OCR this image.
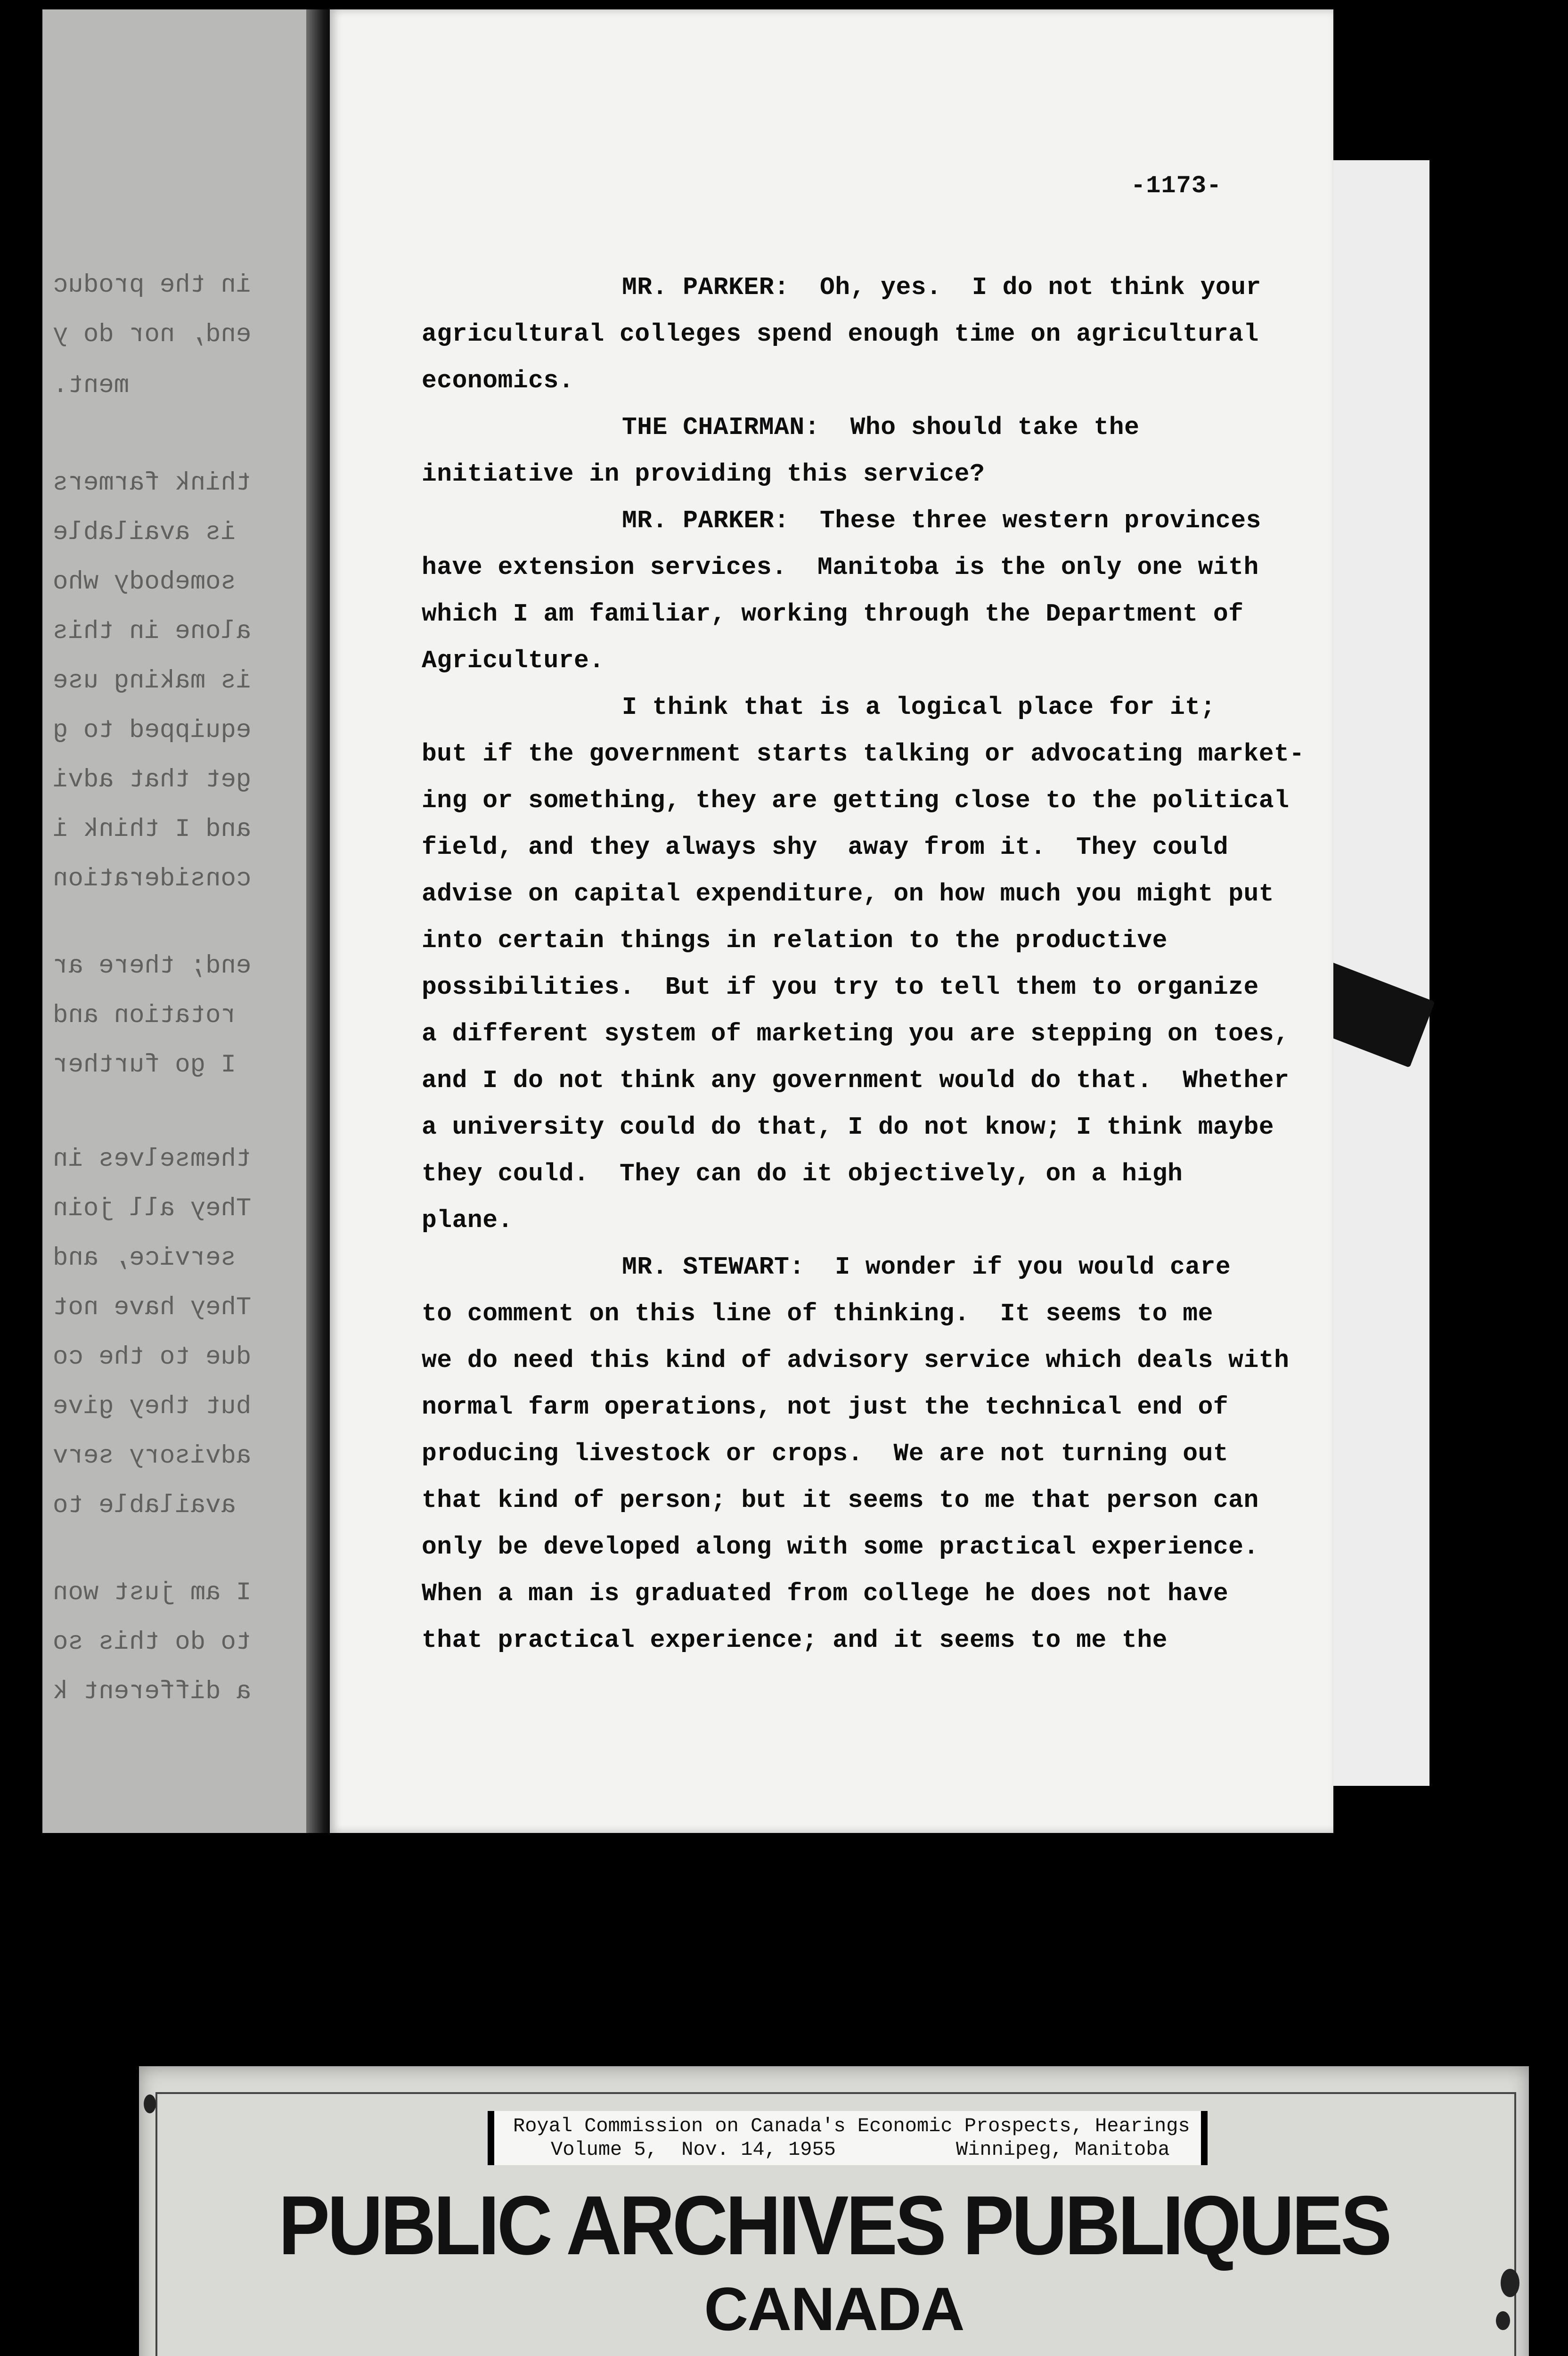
in the produc
end, nor do y
ment.
think farmers
is available
somebody who
alone in this
is making use
equipped to g
get that advi
and I think i
consideration
end; there ar
rotation and
I go further
themselves in
They all join
service, and
They have not
due to the co
but they give
advisory serv
available to
I am just won
to do this so
a different k
-1173-
MR. PARKER:  Oh, yes.  I do not think your
agricultural colleges spend enough time on agricultural
economics.
THE CHAIRMAN:  Who should take the
initiative in providing this service?
MR. PARKER:  These three western provinces
have extension services.  Manitoba is the only one with
which I am familiar, working through the Department of
Agriculture.
I think that is a logical place for it;
but if the government starts talking or advocating market-
ing or something, they are getting close to the political
field, and they always shy  away from it.  They could
advise on capital expenditure, on how much you might put
into certain things in relation to the productive
possibilities.  But if you try to tell them to organize
a different system of marketing you are stepping on toes,
and I do not think any government would do that.  Whether
a university could do that, I do not know; I think maybe
they could.  They can do it objectively, on a high
plane.
MR. STEWART:  I wonder if you would care
to comment on this line of thinking.  It seems to me
we do need this kind of advisory service which deals with
normal farm operations, not just the technical end of
producing livestock or crops.  We are not turning out
that kind of person; but it seems to me that person can
only be developed along with some practical experience.
When a man is graduated from college he does not have
that practical experience; and it seems to me the
Royal Commission on Canada's Economic Prospects, Hearings
Volume 5,  Nov. 14, 1955	Winnipeg, Manitoba
PUBLIC ARCHIVES PUBLIQUES
CANADA
